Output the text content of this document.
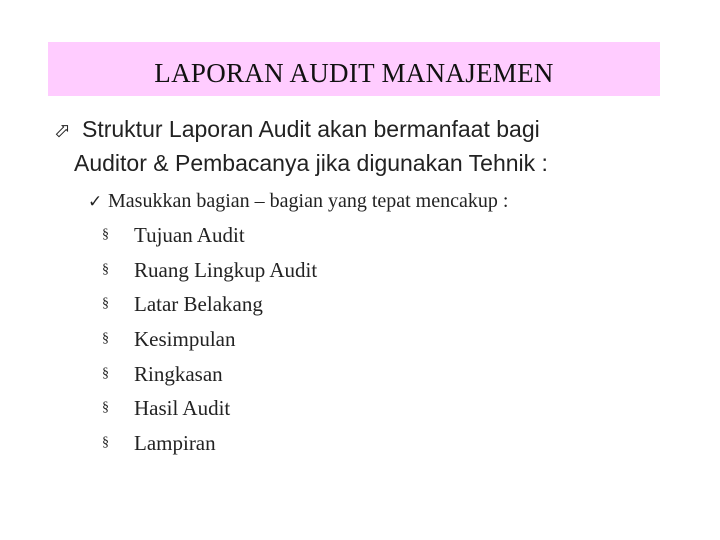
LAPORAN AUDIT MANAJEMEN
⬀ Struktur Laporan Audit akan bermanfaat bagi
Auditor & Pembacanya jika digunakan Tehnik :
✓ Masukkan bagian – bagian yang tepat mencakup :
§ Tujuan Audit
§ Ruang Lingkup Audit
§ Latar Belakang
§ Kesimpulan
§ Ringkasan
§ Hasil Audit
§ Lampiran
